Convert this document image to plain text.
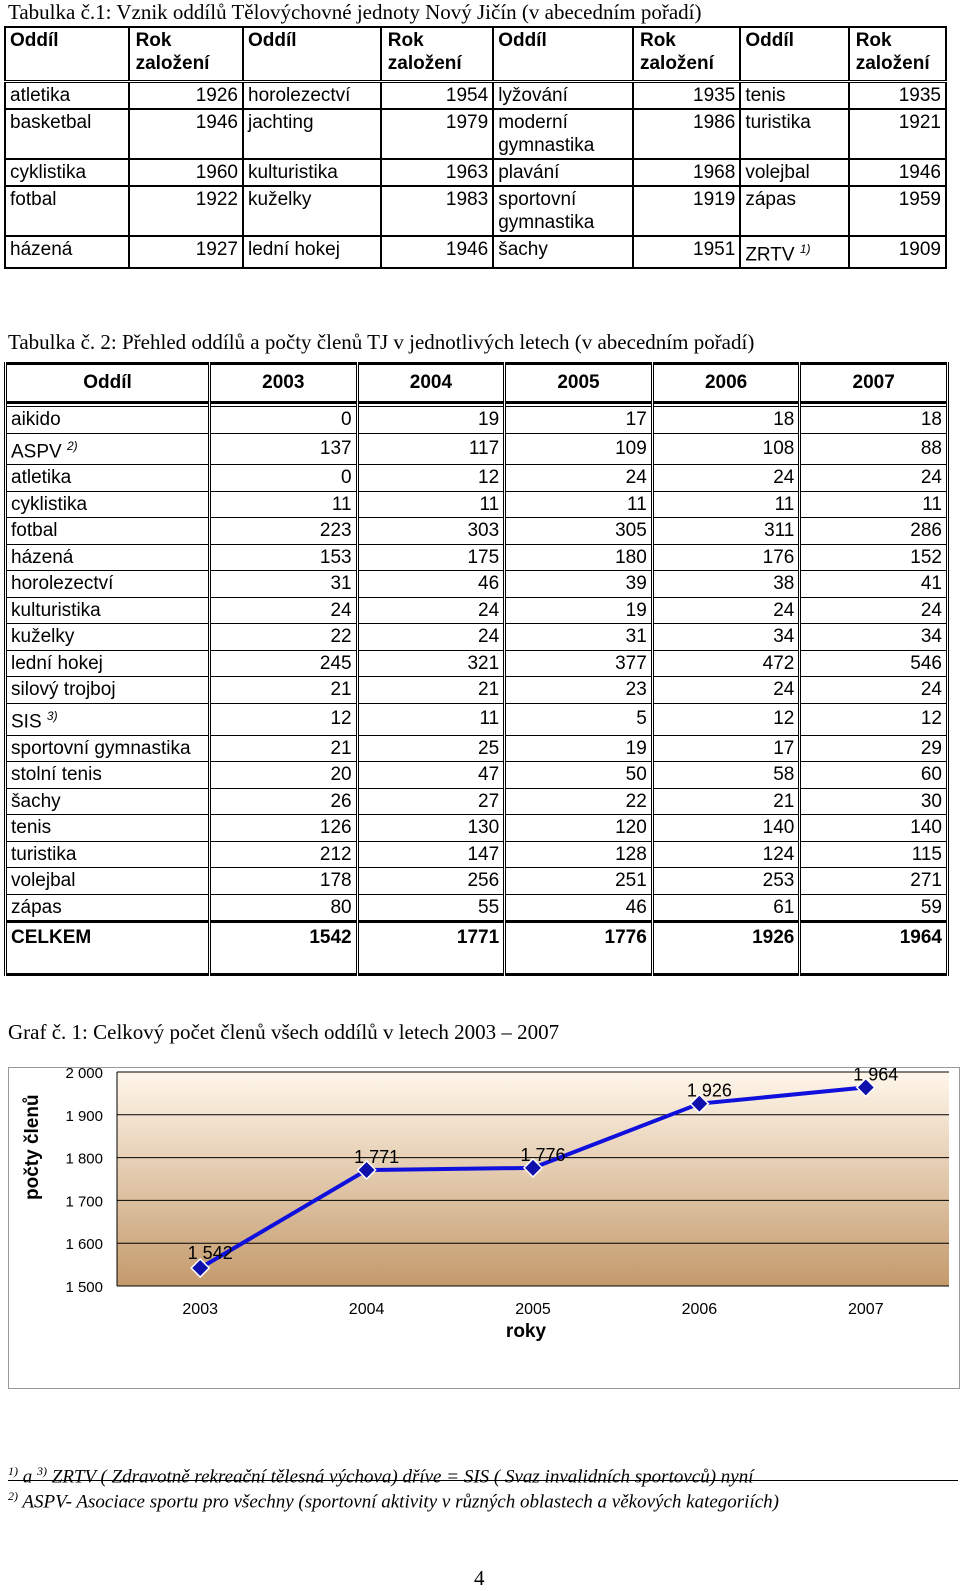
Tabulka č.1: Vznik oddílů Tělovýchovné jednoty Nový Jičín (v abecedním pořadí)
Oddíl	Rok založení	Oddíl	Rok založení	Oddíl	Rok založení	Oddíl	Rok založení
atletika	1926	horolezectví	1954	lyžování	1935	tenis	1935
basketbal	1946	jachting	1979	moderní gymnastika	1986	turistika	1921
cyklistika	1960	kulturistika	1963	plavání	1968	volejbal	1946
fotbal	1922	kuželky	1983	sportovní gymnastika	1919	zápas	1959
házená	1927	lední hokej	1946	šachy	1951	ZRTV $^{1)}$	1909
Tabulka č. 2: Přehled oddílů a počty členů TJ v jednotlivých letech (v abecedním pořadí)
Oddíl	2003	2004	2005	2006	2007

aikido	0	19	17	18	18
ASPV $^{2)}$	137	117	109	108	88
atletika	0	12	24	24	24
cyklistika	11	11	11	11	11
fotbal	223	303	305	311	286
házená	153	175	180	176	152
horolezectví	31	46	39	38	41
kulturistika	24	24	19	24	24
kuželky	22	24	31	34	34
lední hokej	245	321	377	472	546
silový trojboj	21	21	23	24	24
SIS $^{3)}$	12	11	5	12	12
sportovní gymnastika	21	25	19	17	29
stolní tenis	20	47	50	58	60
šachy	26	27	22	21	30
tenis	126	130	120	140	140
turistika	212	147	128	124	115
volejbal	178	256	251	253	271
zápas	80	55	46	61	59
CELKEM	1542	1771	1776	1926	1964
Graf č. 1: Celkový počet členů všech oddílů v letech 2003 – 2007
1 500
1 600
1 700
1 800
1 900
2 000
2003	2004	2005	2006	2007
roky
1 542
1 771	1 776
1 926
1 964
počty členů
$^{1)}$ a $^{3)}$ ZRTV ( Zdravotně rekreační tělesná výchova) dříve = SIS ( Svaz invalidních sportovců) nyní
$^{2)}$ ASPV- Asociace sportu pro všechny (sportovní aktivity v různých oblastech a věkových kategoriích)
4
